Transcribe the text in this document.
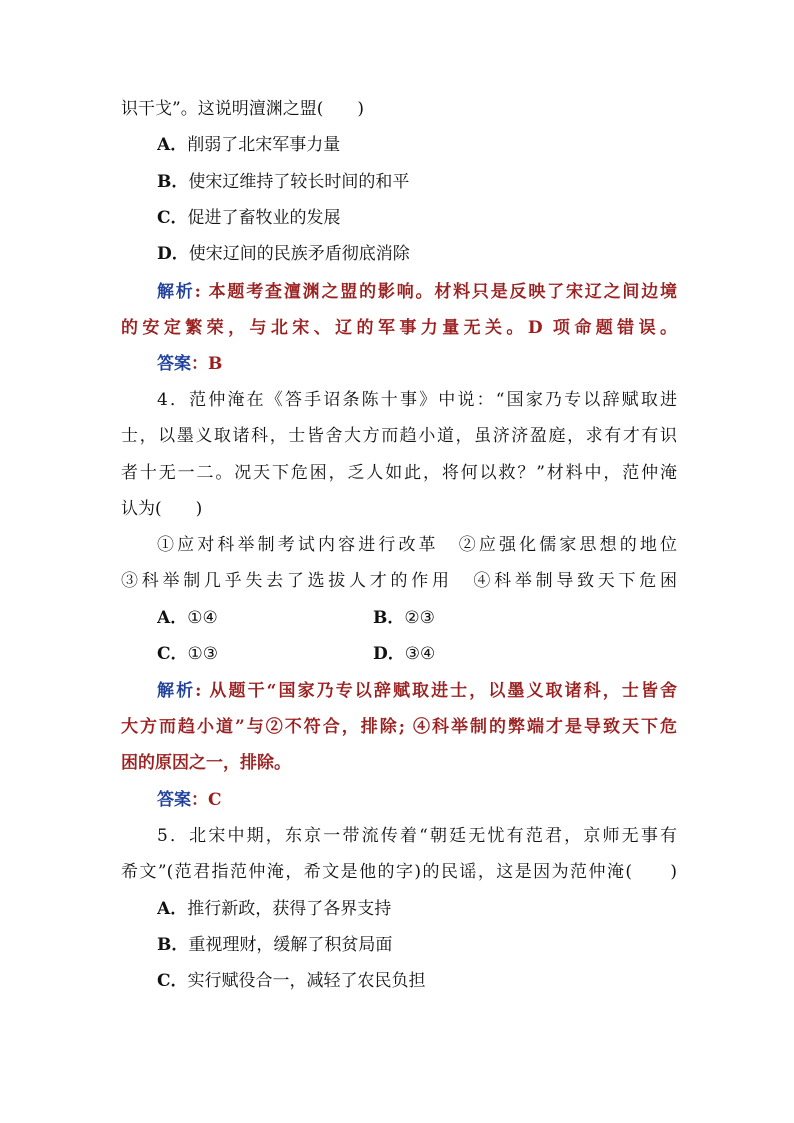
识干戈”。这说明澶渊之盟(　　)
A．削弱了北宋军事力量
B．使宋辽维持了较长时间的和平
C．促进了畜牧业的发展
D．使宋辽间的民族矛盾彻底消除
解析: 本题考查澶渊之盟的影响。材料只是反映了宋辽之间边境
的安定繁荣，与北宋、辽的军事力量无关。D 项命题错误。
答案：B
4．范仲淹在《答手诏条陈十事》中说：“国家乃专以辞赋取进
士，以墨义取诸科，士皆舍大方而趋小道，虽济济盈庭，求有才有识
者十无一二。况天下危困，乏人如此，将何以救？”材料中，范仲淹
认为(　　)
①应对科举制考试内容进行改革　②应强化儒家思想的地位
③科举制几乎失去了选拔人才的作用　④科举制导致天下危困
A．①④	B．②③
C．①③	D．③④
解析: 从题干“国家乃专以辞赋取进士，以墨义取诸科，士皆舍
大方而趋小道”与②不符合，排除; ④科举制的弊端才是导致天下危
困的原因之一，排除。
答案：C
5．北宋中期，东京一带流传着“朝廷无忧有范君，京师无事有
希文”(范君指范仲淹，希文是他的字)的民谣，这是因为范仲淹(　　)
A．推行新政，获得了各界支持
B．重视理财，缓解了积贫局面
C．实行赋役合一，减轻了农民负担
